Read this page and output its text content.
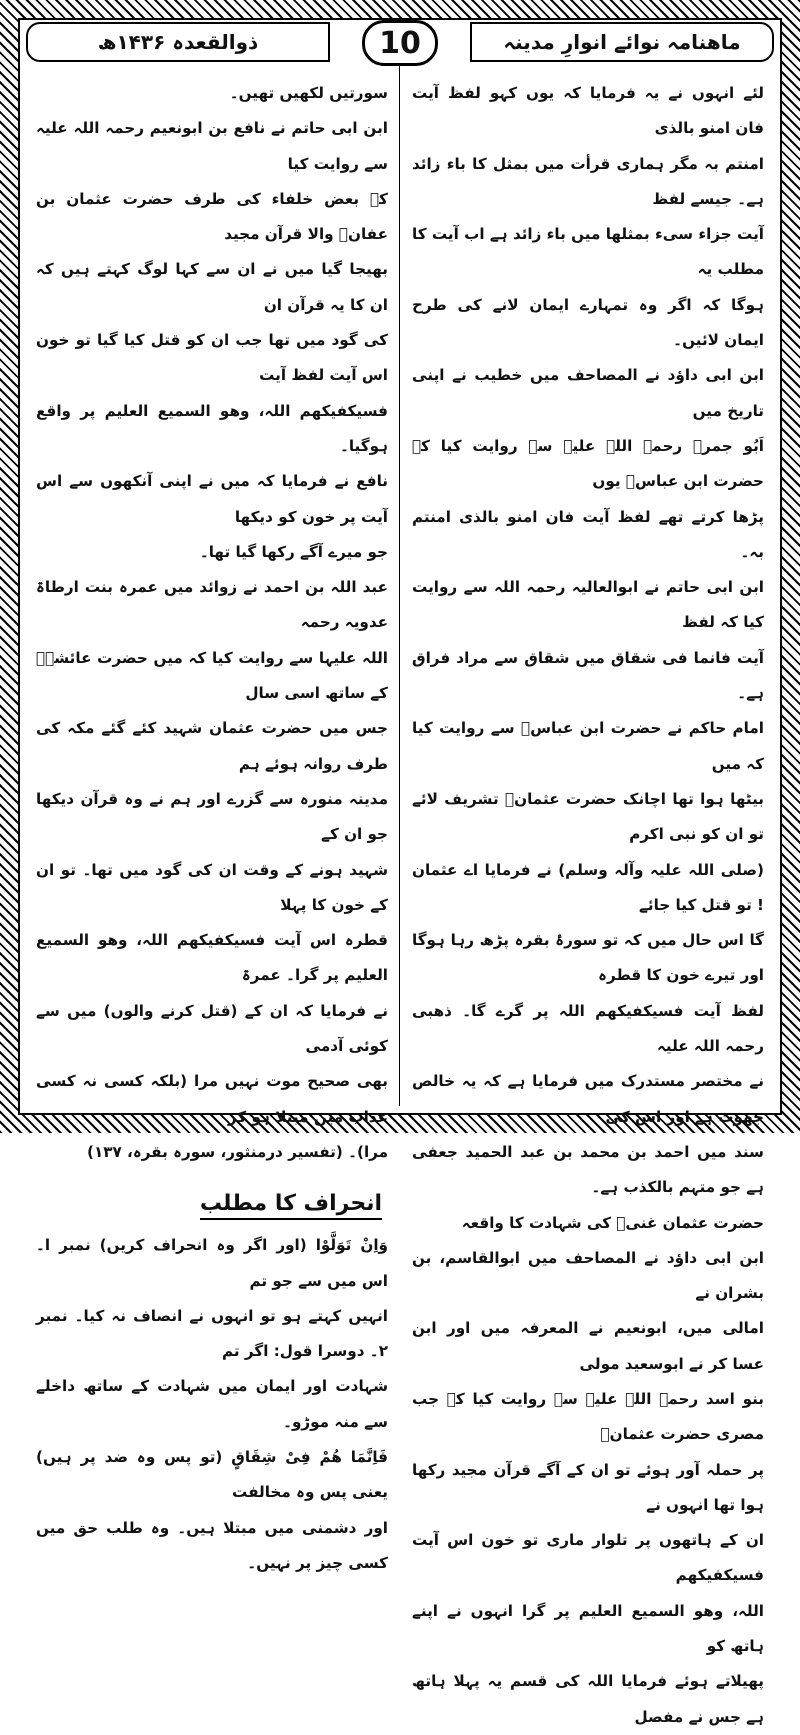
ماهنامہ نوائے انوارِ مدینہ
10
ذوالقعدہ ۱۴۳۶ھ

لئے انہوں نے یہ فرمایا کہ یوں کہو لفظ آیت فان امنو بالذی

امنتم بہ مگر ہماری قرأت میں بمثل کا باء زائد ہے۔ جیسے لفظ

آیت جزاء سیء بمثلها میں باء زائد ہے اب آیت کا مطلب یہ

ہوگا کہ اگر وہ تمہارے ایمان لانے کی طرح ایمان لائیں۔

ابن ابی داؤد نے المصاحف میں خطیب نے اپنی تاریخ میں

اَبُو جمرہ رحمہ اللہ علیہ سے روایت کیا کہ حضرت ابن عباسؓ یوں

پڑھا کرتے تھے لفظ آیت فان امنو بالذی امنتم بہ۔

ابن ابی حاتم نے ابوالعالیہ رحمہ اللہ سے روایت کیا کہ لفظ

آیت فانما فی شقاق میں شقاق سے مراد فراق ہے۔

امام حاکم نے حضرت ابن عباسؓ سے روایت کیا کہ میں

بیٹھا ہوا تھا اچانک حضرت عثمانؓ تشریف لائے تو ان کو نبی اکرم

(صلی اللہ علیہ وآلہ وسلم) نے فرمایا اے عثمان ! تو قتل کیا جائے

گا اس حال میں کہ تو سورۂ بقرہ پڑھ رہا ہوگا اور تیرے خون کا قطرہ

لفظ آیت فسیکفیکھم اللہ پر گرے گا۔ ذھبی رحمہ اللہ علیہ

نے مختصر مستدرک میں فرمایا ہے کہ یہ خالص جھوٹ ہے اور اس کی

سند میں احمد بن محمد بن عبد الحمید جعفی ہے جو متہم بالکذب ہے۔

حضرت عثمان غنیؓ کی شہادت کا واقعہ

ابن ابی داؤد نے المصاحف میں ابوالقاسم، بن بشران نے

امالی میں، ابونعیم نے المعرفہ میں اور ابن عسا کر نے ابوسعید مولی

بنو اسد رحمہ اللہ علیہ سے روایت کیا کہ جب مصری حضرت عثمانؓ

پر حملہ آور ہوئے تو ان کے آگے قرآن مجید رکھا ہوا تھا انہوں نے

ان کے ہاتھوں پر تلوار ماری تو خون اس آیت فسیکفیکھم

اللہ، وھو السمیع العلیم پر گرا انہوں نے اپنے ہاتھ کو

پھیلاتے ہوئے فرمایا اللہ کی قسم یہ پہلا ہاتھ ہے جس نے مفصل

سورتیں لکھیں تھیں۔

ابن ابی حاتم نے نافع بن ابونعیم رحمہ اللہ علیہ سے روایت کیا

کہ بعض خلفاء کی طرف حضرت عثمان بن عفانؓ والا قرآن مجید

بھیجا گیا میں نے ان سے کہا لوگ کہتے ہیں کہ ان کا یہ قرآن ان

کی گود میں تھا جب ان کو قتل کیا گیا تو خون اس آیت لفظ آیت

فسیکفیکھم اللہ، وھو السمیع العلیم پر واقع ہوگیا۔

نافع نے فرمایا کہ میں نے اپنی آنکھوں سے اس آیت پر خون کو دیکھا

جو میرے آگے رکھا گیا تھا۔

عبد اللہ بن احمد نے زوائد میں عمرہ بنت ارطاۃ عدویہ رحمہ

اللہ علیہا سے روایت کیا کہ میں حضرت عائشہؓ کے ساتھ اسی سال

جس میں حضرت عثمان شہید کئے گئے مکہ کی طرف روانہ ہوئے ہم

مدینہ منورہ سے گزرے اور ہم نے وہ قرآن دیکھا جو ان کے

شہید ہونے کے وقت ان کی گود میں تھا۔ تو ان کے خون کا پہلا

قطرہ اس آیت فسیکفیکھم اللہ، وھو السمیع العلیم پر گرا۔ عمرۃ

نے فرمایا کہ ان کے (قتل کرنے والوں) میں سے کوئی آدمی

بھی صحیح موت نہیں مرا (بلکہ کسی نہ کسی عذاب میں مبتلا ہو کر

مرا)۔ (تفسیر درمنثور، سورہ بقرہ، ۱۳۷)

انحراف کا مطلب

وَاِنْ تَوَلَّوْا (اور اگر وہ انحراف کریں) نمبر ا۔ اس میں سے جو تم

انہیں کہتے ہو تو انہوں نے انصاف نہ کیا۔ نمبر ۲۔ دوسرا قول: اگر تم

شہادت اور ایمان میں شہادت کے ساتھ داخلے سے منہ موڑو۔

فَاِنَّمَا هُمْ فِیْ شِقَاقٍ (تو پس وہ ضد پر ہیں) یعنی پس وہ مخالفت

اور دشمنی میں مبتلا ہیں۔ وہ طلب حق میں کسی چیز پر نہیں۔
